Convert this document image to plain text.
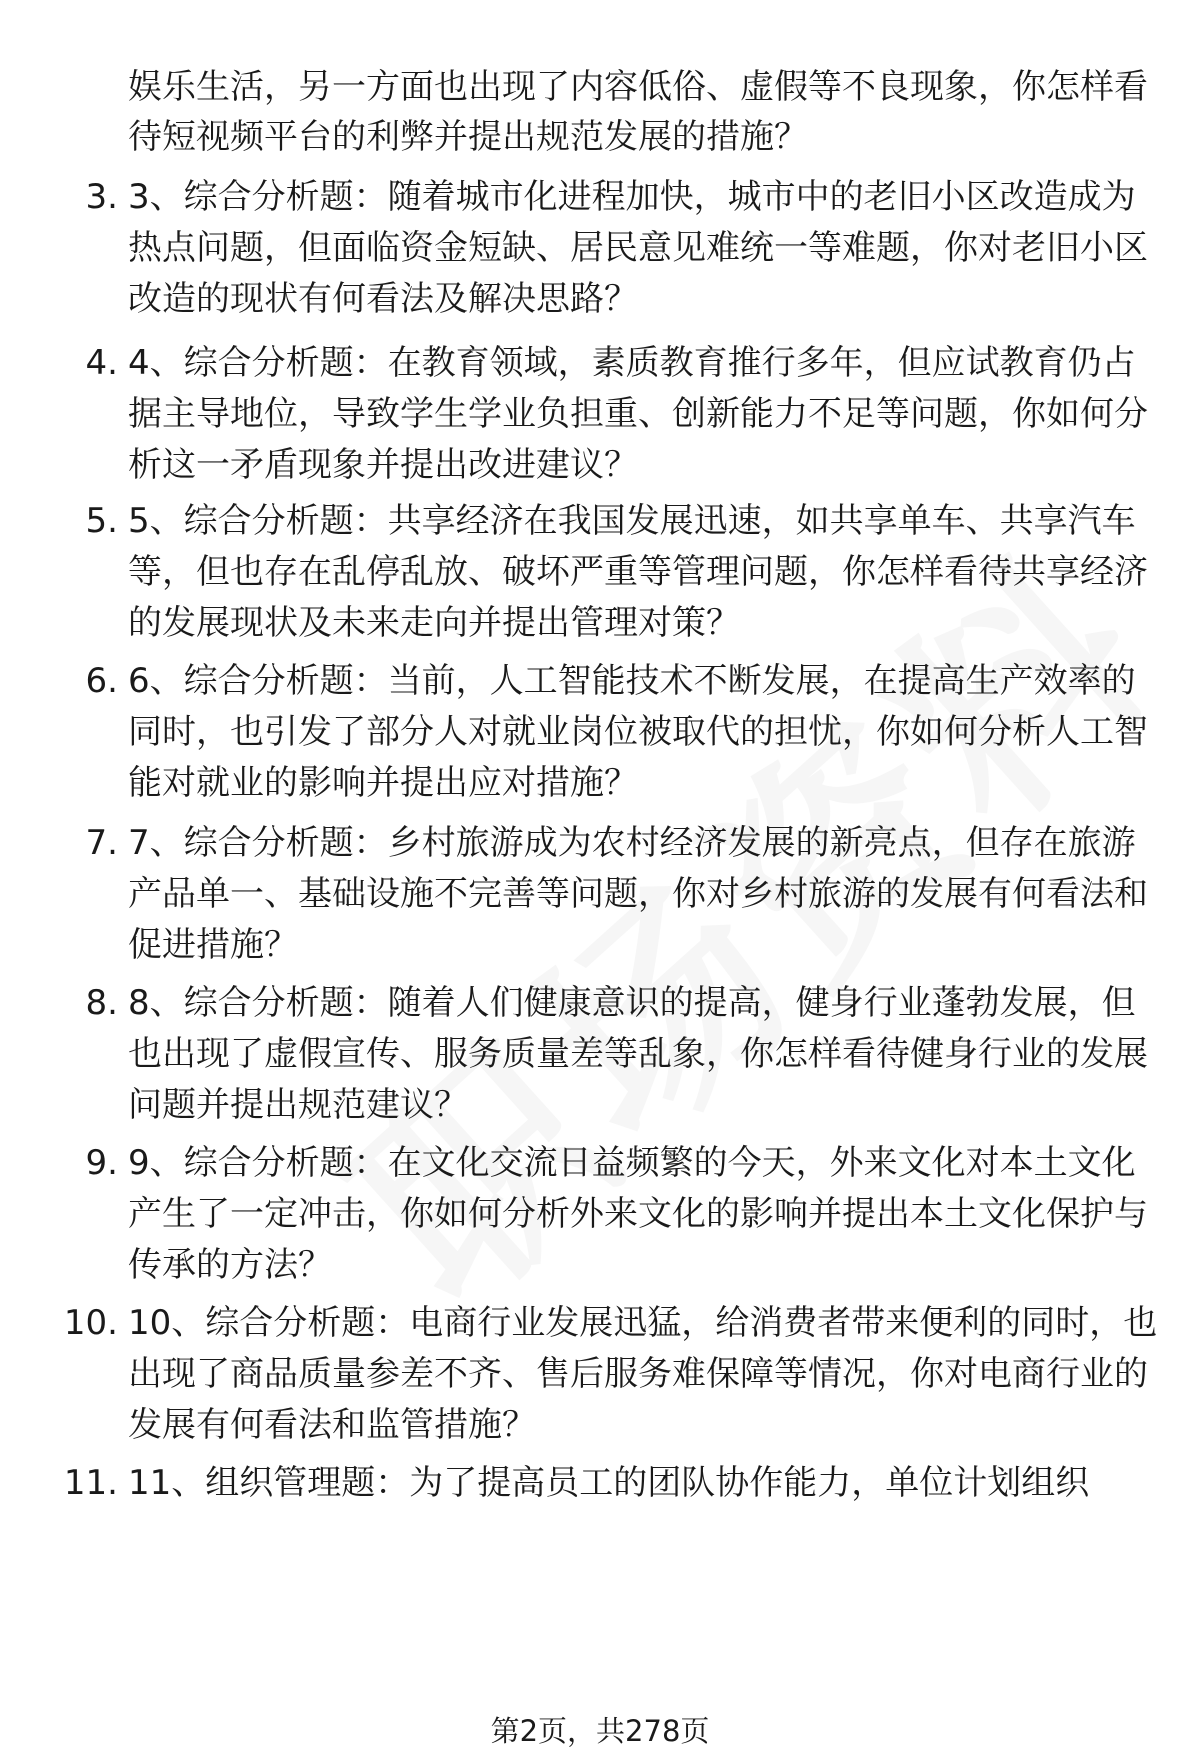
娱乐生活，另一方面也出现了内容低俗、虚假等不良现象，你怎样看待短视频平台的利弊并提出规范发展的措施？
3. 3、综合分析题：随着城市化进程加快，城市中的老旧小区改造成为热点问题，但面临资金短缺、居民意见难统一等难题，你对老旧小区改造的现状有何看法及解决思路？
4. 4、综合分析题：在教育领域，素质教育推行多年，但应试教育仍占据主导地位，导致学生学业负担重、创新能力不足等问题，你如何分析这一矛盾现象并提出改进建议？
5. 5、综合分析题：共享经济在我国发展迅速，如共享单车、共享汽车等，但也存在乱停乱放、破坏严重等管理问题，你怎样看待共享经济的发展现状及未来走向并提出管理对策？
6. 6、综合分析题：当前，人工智能技术不断发展，在提高生产效率的同时，也引发了部分人对就业岗位被取代的担忧，你如何分析人工智能对就业的影响并提出应对措施？
7. 7、综合分析题：乡村旅游成为农村经济发展的新亮点，但存在旅游产品单一、基础设施不完善等问题，你对乡村旅游的发展有何看法和促进措施？
8. 8、综合分析题：随着人们健康意识的提高，健身行业蓬勃发展，但也出现了虚假宣传、服务质量差等乱象，你怎样看待健身行业的发展问题并提出规范建议？
9. 9、综合分析题：在文化交流日益频繁的今天，外来文化对本土文化产生了一定冲击，你如何分析外来文化的影响并提出本土文化保护与传承的方法？
10. 10、综合分析题：电商行业发展迅猛，给消费者带来便利的同时，也出现了商品质量参差不齐、售后服务难保障等情况，你对电商行业的发展有何看法和监管措施？
11. 11、组织管理题：为了提高员工的团队协作能力，单位计划组织
第2页，共278页
